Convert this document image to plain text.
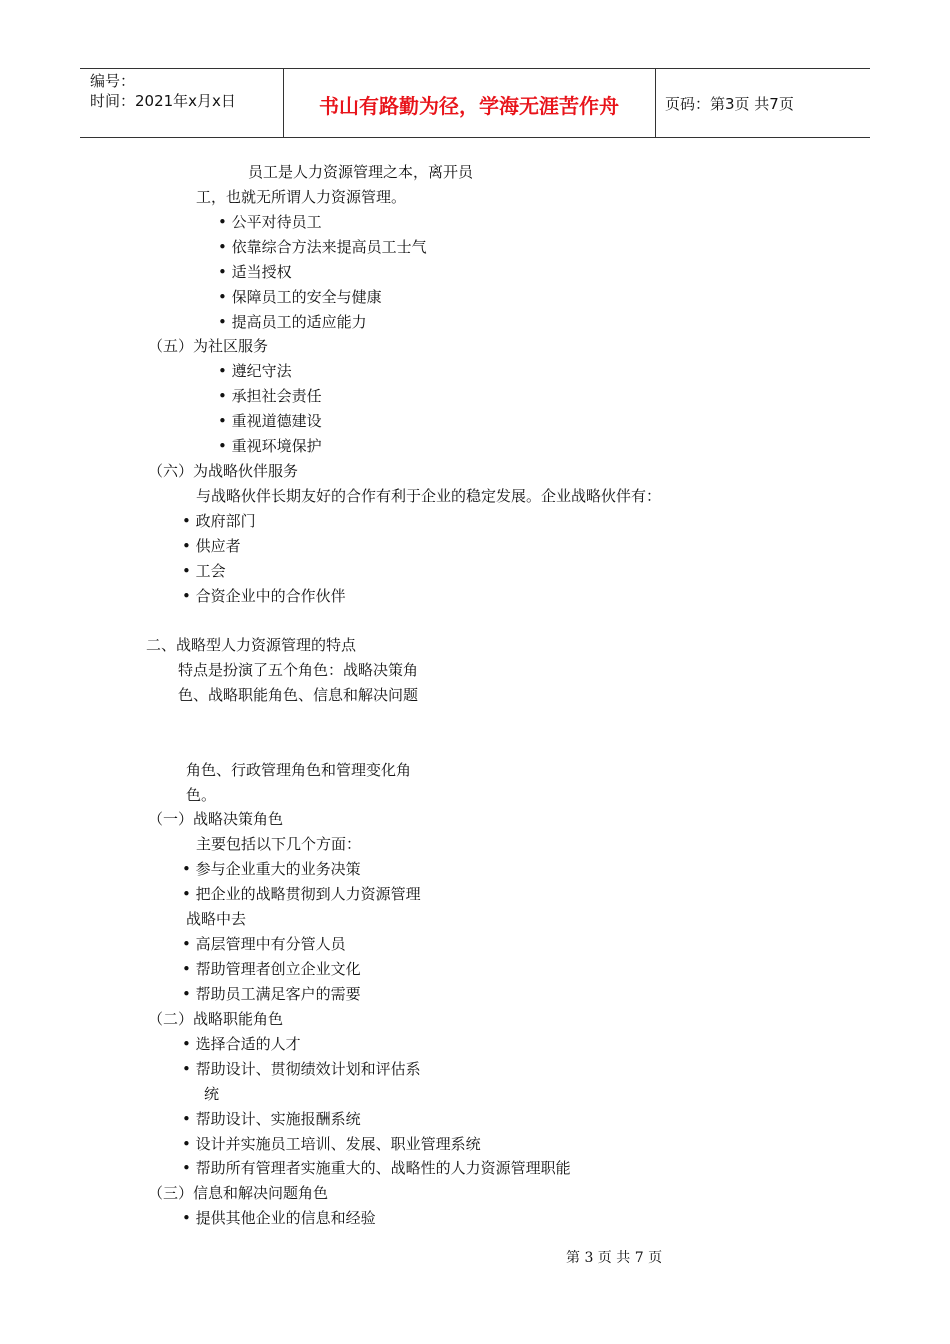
编号：
时间：2021年x月x日	书山有路勤为径，学海无涯苦作舟	页码：第3页 共7页
员工是人力资源管理之本，离开员
工，也就无所谓人力资源管理。
• 公平对待员工
• 依靠综合方法来提高员工士气
• 适当授权
• 保障员工的安全与健康
• 提高员工的适应能力
（五）为社区服务
• 遵纪守法
• 承担社会责任
• 重视道德建设
• 重视环境保护
（六）为战略伙伴服务
与战略伙伴长期友好的合作有利于企业的稳定发展。企业战略伙伴有：
• 政府部门
• 供应者
• 工会
• 合资企业中的合作伙伴
二、战略型人力资源管理的特点
特点是扮演了五个角色：战略决策角
色、战略职能角色、信息和解决问题
角色、行政管理角色和管理变化角
色。
（一）战略决策角色
主要包括以下几个方面：
• 参与企业重大的业务决策
• 把企业的战略贯彻到人力资源管理
战略中去
• 高层管理中有分管人员
• 帮助管理者创立企业文化
• 帮助员工满足客户的需要
（二）战略职能角色
• 选择合适的人才
• 帮助设计、贯彻绩效计划和评估系
统
• 帮助设计、实施报酬系统
• 设计并实施员工培训、发展、职业管理系统
• 帮助所有管理者实施重大的、战略性的人力资源管理职能
（三）信息和解决问题角色
• 提供其他企业的信息和经验
第 3 页 共 7 页
